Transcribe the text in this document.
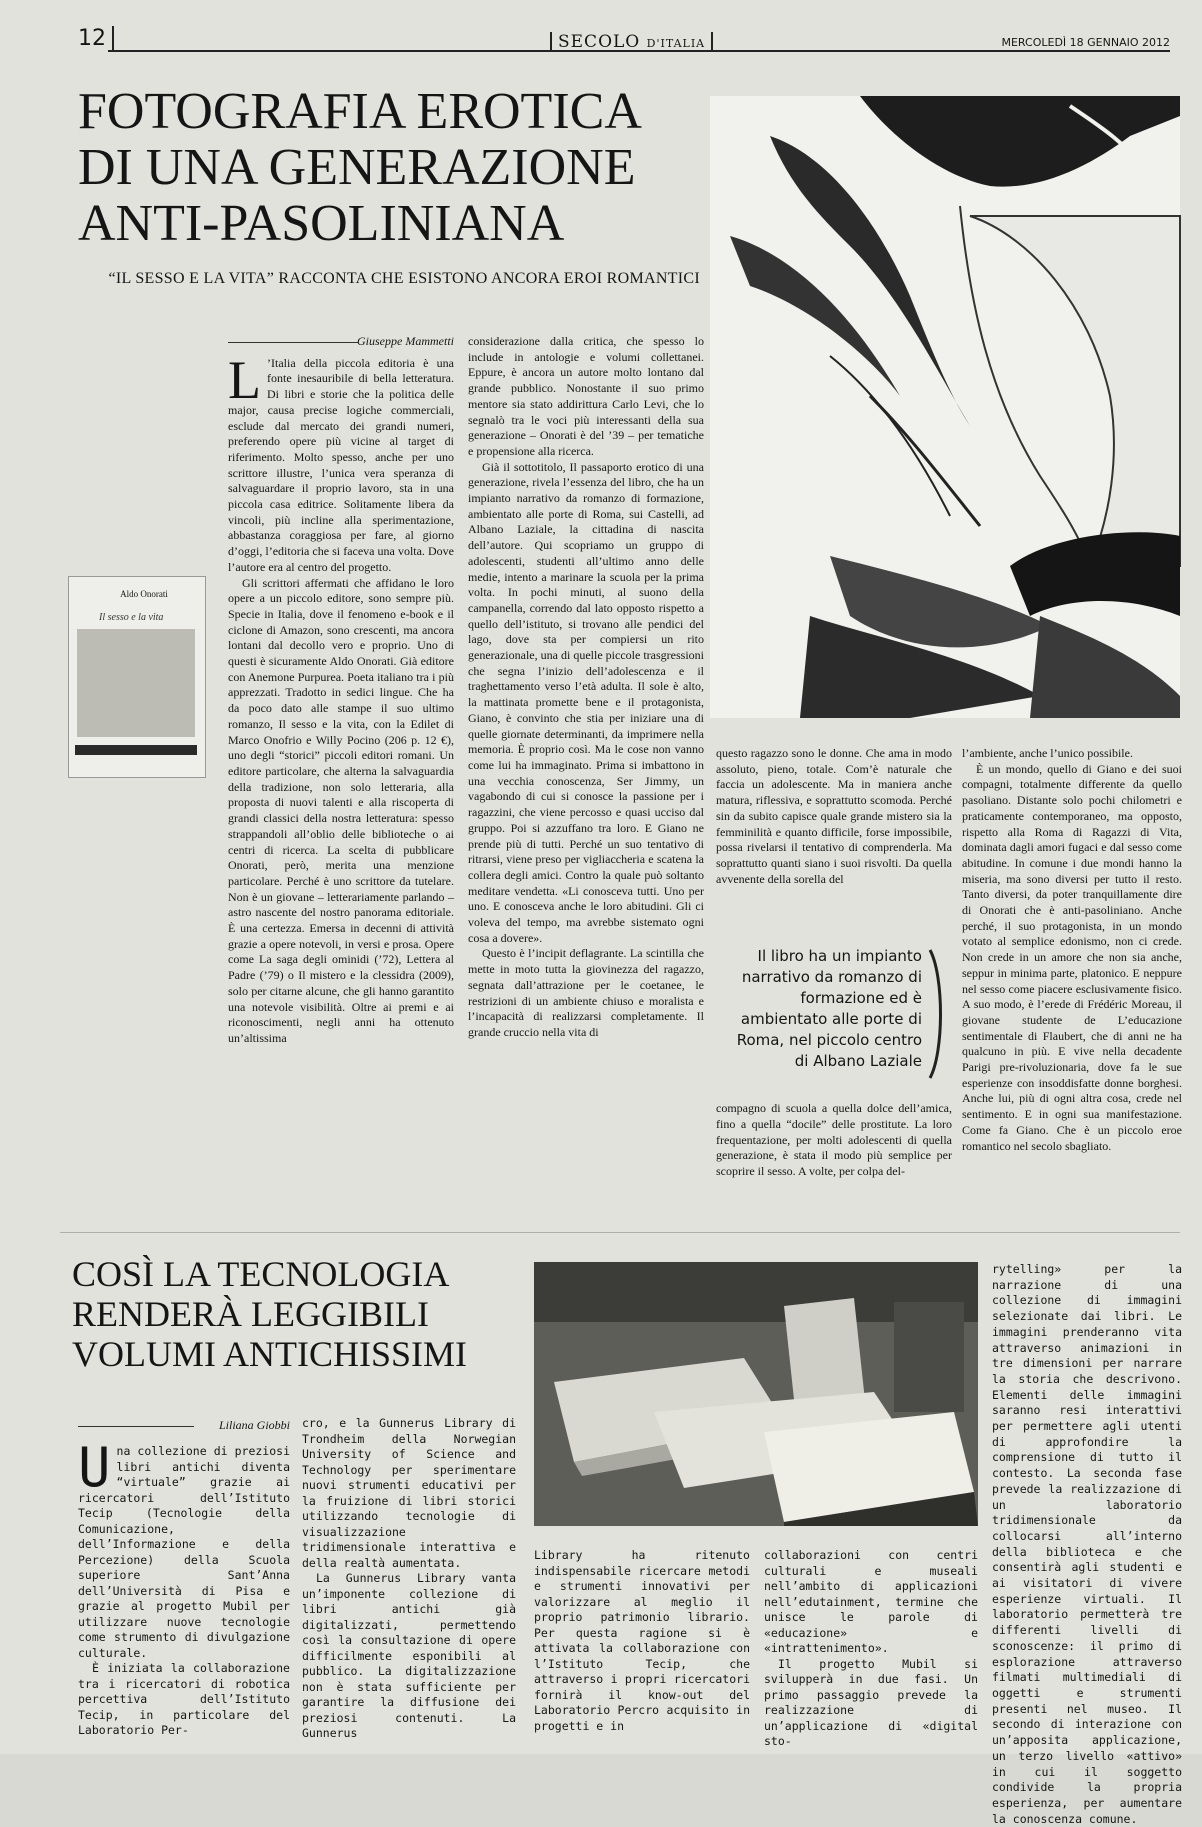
12	SECOLO D'ITALIA	MERCOLEDÌ 18 GENNAIO 2012
FOTOGRAFIA EROTICA DI UNA GENERAZIONE ANTI-PASOLINIANA
“IL SESSO E LA VITA” RACCONTA CHE ESISTONO ANCORA EROI ROMANTICI
Giuseppe Mammetti

L ’Italia della piccola editoria è una fonte inesauribile di bella letteratura. Di libri e storie che la politica delle major, causa precise logiche commerciali, esclude dal mercato dei grandi numeri, preferendo opere più vicine al target di riferimento. Molto spesso, anche per uno scrittore illustre, l’unica vera speranza di salvaguardare il proprio lavoro, sta in una piccola casa editrice. Solitamente libera da vincoli, più incline alla sperimentazione, abbastanza coraggiosa per fare, al giorno d’oggi, l’editoria che si faceva una volta. Dove l’autore era al centro del progetto.

Aldo Onorati
Il sesso e la vita
Gli scrittori affermati che affidano le loro opere a un piccolo editore, sono sempre più. Specie in Italia, dove il fenomeno e-book e il ciclone di Amazon, sono crescenti, ma ancora lontani dal decollo vero e proprio. Uno di questi è sicuramente Aldo Onorati. Già editore con Anemone Purpurea. Poeta italiano tra i più apprezzati. Tradotto in sedici lingue. Che ha da poco dato alle stampe il suo ultimo romanzo, Il sesso e la vita, con la Edilet di Marco Onofrio e Willy Pocino (206 p. 12 €), uno degli “storici” piccoli editori romani. Un editore particolare, che alterna la salvaguardia della tradizione, non solo letteraria, alla proposta di nuovi talenti e alla riscoperta di grandi classici della nostra letteratura: spesso strappandoli all’oblio delle biblioteche o ai centri di ricerca. La scelta di pubblicare Onorati, però, merita una menzione particolare. Perché è uno scrittore da tutelare. Non è un giovane – letterariamente parlando – astro nascente del nostro panorama editoriale. È una certezza. Emersa in decenni di attività grazie a opere notevoli, in versi e prosa. Opere come La saga degli ominidi (’72), Lettera al Padre (’79) o Il mistero e la clessidra (2009), solo per citarne alcune, che gli hanno garantito una notevole visibilità. Oltre ai premi e ai riconoscimenti, negli anni ha ottenuto un’altissima

considerazione dalla critica, che spesso lo include in antologie e volumi collettanei. Eppure, è ancora un autore molto lontano dal grande pubblico. Nonostante il suo primo mentore sia stato addirittura Carlo Levi, che lo segnalò tra le voci più interessanti della sua generazione – Onorati è del ’39 – per tematiche e propensione alla ricerca.

Già il sottotitolo, Il passaporto erotico di una generazione, rivela l’essenza del libro, che ha un impianto narrativo da romanzo di formazione, ambientato alle porte di Roma, sui Castelli, ad Albano Laziale, la cittadina di nascita dell’autore. Qui scopriamo un gruppo di adolescenti, studenti all’ultimo anno delle medie, intento a marinare la scuola per la prima volta. In pochi minuti, al suono della campanella, correndo dal lato opposto rispetto a quello dell’istituto, si trovano alle pendici del lago, dove sta per compiersi un rito generazionale, una di quelle piccole trasgressioni che segna l’inizio dell’adolescenza e il traghettamento verso l’età adulta. Il sole è alto, la mattinata promette bene e il protagonista, Giano, è convinto che stia per iniziare una di quelle giornate determinanti, da imprimere nella memoria. È proprio così. Ma le cose non vanno come lui ha immaginato. Prima si imbattono in una vecchia conoscenza, Ser Jimmy, un vagabondo di cui si conosce la passione per i ragazzini, che viene percosso e quasi ucciso dal gruppo. Poi si azzuffano tra loro. E Giano ne prende più di tutti. Perché un suo tentativo di ritrarsi, viene preso per vigliaccheria e scatena la collera degli amici. Contro la quale può soltanto meditare vendetta. «Li conosceva tutti. Uno per uno. E conosceva anche le loro abitudini. Gli ci voleva del tempo, ma avrebbe sistemato ogni cosa a dovere».

Questo è l’incipit deflagrante. La scintilla che mette in moto tutta la giovinezza del ragazzo, segnata dall’attrazione per le coetanee, le restrizioni di un ambiente chiuso e moralista e l’incapacità di realizzarsi completamente. Il grande cruccio nella vita di

questo ragazzo sono le donne. Che ama in modo assoluto, pieno, totale. Com’è naturale che faccia un adolescente. Ma in maniera anche matura, riflessiva, e soprattutto scomoda. Perché sin da subito capisce quale grande mistero sia la femminilità e quanto difficile, forse impossibile, possa rivelarsi il tentativo di comprenderla. Ma soprattutto quanti siano i suoi risvolti. Da quella avvenente della sorella del

compagno di scuola a quella dolce dell’amica, fino a quella “docile” delle prostitute. La loro frequentazione, per molti adolescenti di quella generazione, è stata il modo più semplice per scoprire il sesso. A volte, per colpa del-

Il libro ha un impianto narrativo da romanzo di formazione ed è ambientato alle porte di Roma, nel piccolo centro di Albano Laziale

l’ambiente, anche l’unico possibile.

È un mondo, quello di Giano e dei suoi compagni, totalmente differente da quello pasoliano. Distante solo pochi chilometri e praticamente contemporaneo, ma opposto, rispetto alla Roma di Ragazzi di Vita, dominata dagli amori fugaci e dal sesso come abitudine. In comune i due mondi hanno la miseria, ma sono diversi per tutto il resto. Tanto diversi, da poter tranquillamente dire di Onorati che è anti-pasoliniano. Anche perché, il suo protagonista, in un mondo votato al semplice edonismo, non ci crede. Non crede in un amore che non sia anche, seppur in minima parte, platonico. E neppure nel sesso come piacere esclusivamente fisico. A suo modo, è l’erede di Frédéric Moreau, il giovane studente de L’educazione sentimentale di Flaubert, che di anni ne ha qualcuno in più. E vive nella decadente Parigi pre-rivoluzionaria, dove fa le sue esperienze con insoddisfatte donne borghesi. Anche lui, più di ogni altra cosa, crede nel sentimento. E in ogni sua manifestazione. Come fa Giano. Che è un piccolo eroe romantico nel secolo sbagliato.

COSÌ LA TECNOLOGIA RENDERÀ LEGGIBILI VOLUMI ANTICHISSIMI
Liliana Giobbi

Una collezione di preziosi libri antichi diventa “virtuale” grazie ai ricercatori dell’Istituto Tecip (Tecnologie della Comunicazione, dell’Informazione e della Percezione) della Scuola superiore Sant’Anna dell’Università di Pisa e grazie al progetto Mubil per utilizzare nuove tecnologie come strumento di divulgazione culturale.

È iniziata la collaborazione tra i ricercatori di robotica percettiva dell’Istituto Tecip, in particolare del Laboratorio Per-

cro, e la Gunnerus Library di Trondheim della Norwegian University of Science and Technology per sperimentare nuovi strumenti educativi per la fruizione di libri storici utilizzando tecnologie di visualizzazione tridimensionale interattiva e della realtà aumentata.

La Gunnerus Library vanta un’imponente collezione di libri antichi già digitalizzati, permettendo così la consultazione di opere difficilmente esponibili al pubblico. La digitalizzazione non è stata sufficiente per garantire la diffusione dei preziosi contenuti. La Gunnerus

Library ha ritenuto indispensabile ricercare metodi e strumenti innovativi per valorizzare al meglio il proprio patrimonio librario. Per questa ragione si è attivata la collaborazione con l’Istituto Tecip, che attraverso i propri ricercatori fornirà il know-out del Laboratorio Percro acquisito in progetti e in

collaborazioni con centri culturali e museali nell’ambito di applicazioni nell’edutainment, termine che unisce le parole di «educazione» e «intrattenimento».

Il progetto Mubil si svilupperà in due fasi. Un primo passaggio prevede la realizzazione di un’applicazione di «digital sto-

rytelling» per la narrazione di una collezione di immagini selezionate dai libri. Le immagini prenderanno vita attraverso animazioni in tre dimensioni per narrare la storia che descrivono. Elementi delle immagini saranno resi interattivi per permettere agli utenti di approfondire la comprensione di tutto il contesto. La seconda fase prevede la realizzazione di un laboratorio tridimensionale da collocarsi all’interno della biblioteca e che consentirà agli studenti e ai visitatori di vivere esperienze virtuali. Il laboratorio permetterà tre differenti livelli di sconoscenze: il primo di esplorazione attraverso filmati multimediali di oggetti e strumenti presenti nel museo. Il secondo di interazione con un’apposita applicazione, un terzo livello «attivo» in cui il soggetto condivide la propria esperienza, per aumentare la conoscenza comune.
